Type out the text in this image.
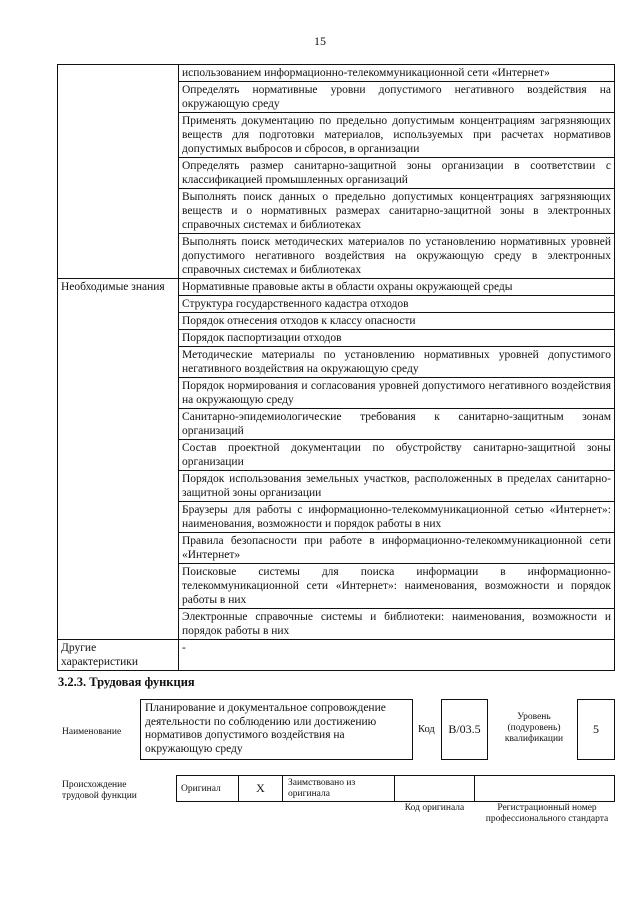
15
	использованием информационно-телекоммуникационной сети «Интернет»
	Определять нормативные уровни допустимого негативного воздействия на окружающую среду
	Применять документацию по предельно допустимым концентрациям загрязняющих веществ для подготовки материалов, используемых при расчетах нормативов допустимых выбросов и сбросов, в организации
	Определять размер санитарно-защитной зоны организации в соответствии с классификацией промышленных организаций
	Выполнять поиск данных о предельно допустимых концентрациях загрязняющих веществ и о нормативных размерах санитарно-защитной зоны в электронных справочных системах и библиотеках
	Выполнять поиск методических материалов по установлению нормативных уровней допустимого негативного воздействия на окружающую среду в электронных справочных системах и библиотеках
Необходимые знания	Нормативные правовые акты в области охраны окружающей среды
	Структура государственного кадастра отходов
	Порядок отнесения отходов к классу опасности
	Порядок паспортизации отходов
	Методические материалы по установлению нормативных уровней допустимого негативного воздействия на окружающую среду
	Порядок нормирования и согласования уровней допустимого негативного воздействия на окружающую среду
	Санитарно-эпидемиологические требования к санитарно-защитным зонам организаций
	Состав проектной документации по обустройству санитарно-защитной зоны организации
	Порядок использования земельных участков, расположенных в пределах санитарно-защитной зоны организации
	Браузеры для работы с информационно-телекоммуникационной сетью «Интернет»: наименования, возможности и порядок работы в них
	Правила безопасности при работе в информационно-телекоммуникационной сети «Интернет»
	Поисковые системы для поиска информации в информационно-телекоммуникационной сети «Интернет»: наименования, возможности и порядок работы в них
	Электронные справочные системы и библиотеки: наименования, возможности и порядок работы в них
Другие характеристики	-
3.2.3. Трудовая функция
Наименование
Планирование и документальное сопровождение деятельности по соблюдению или достижению нормативов допустимого воздействия на окружающую среду
Код	B/03.5
Уровень (подуровень) квалификации
5
Происхождение трудовой функции
Оригинал	X	Заимствовано из оригинала
Код оригинала	Регистрационный номер профессионального стандарта
